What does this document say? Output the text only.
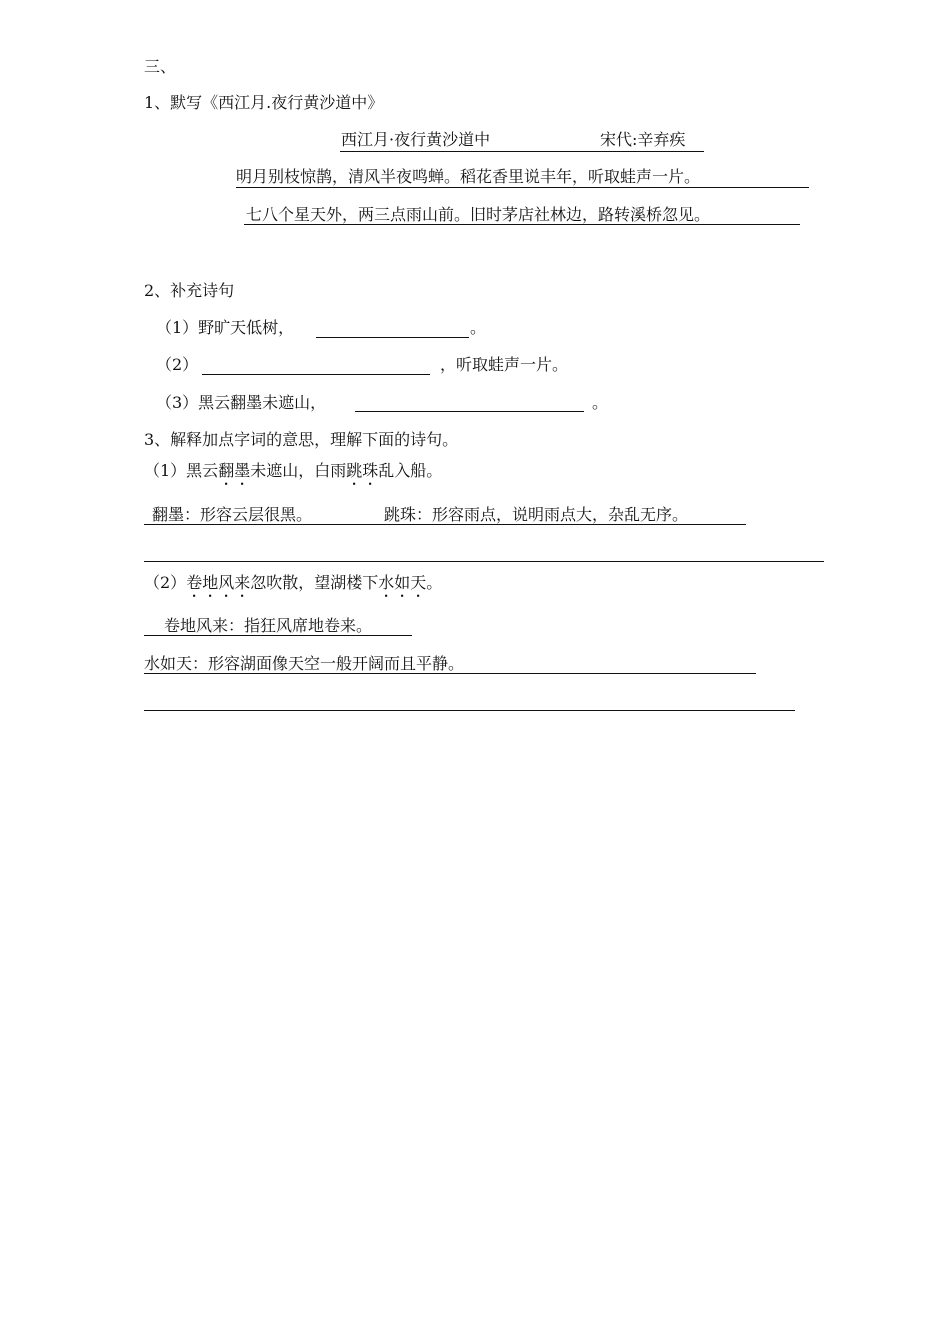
三、
1、默写《西江月.夜行黄沙道中》
西江月·夜行黄沙道中	宋代:辛弃疾
明月别枝惊鹊，清风半夜鸣蝉。稻花香里说丰年，听取蛙声一片。
七八个星天外，两三点雨山前。旧时茅店社林边，路转溪桥忽见。
2、补充诗句
（1）野旷天低树，	。
（2）	，听取蛙声一片。
（3）黑云翻墨未遮山，	。
3、解释加点字词的意思，理解下面的诗句。
（1）黑云翻墨未遮山，白雨跳珠乱入船。
翻墨：形容云层很黑。	跳珠：形容雨点，说明雨点大，杂乱无序。
（2）卷地风来忽吹散，望湖楼下水如天。
卷地风来：指狂风席地卷来。
水如天：形容湖面像天空一般开阔而且平静。
